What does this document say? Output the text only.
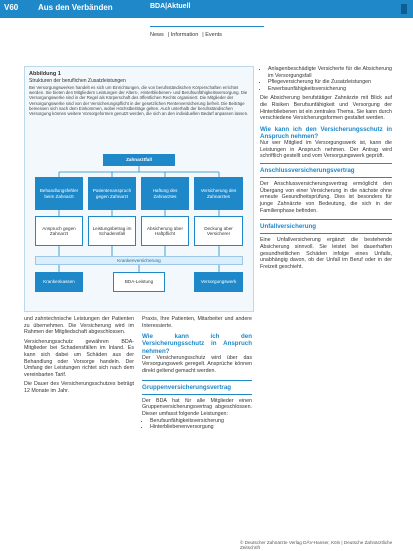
V60 Aus den Verbänden	BDA|Aktuell
News | Information | Events
Abbildung 1
Strukturen der beruflichen Zusatzleistungen
Bei Versorgungswerken handelt es sich um Einrichtungen, die von berufsständischen Körperschaften errichtet werden. Sie bieten den Mitgliedern Leistungen der Alters-, Hinterbliebenen- und Berufsunfähigkeitsversorgung. Die Versorgungswerke sind in der Regel als Körperschaft des öffentlichen Rechts organisiert. Die Mitglieder der Versorgungswerke sind von der Versicherungspflicht in der gesetzlichen Rentenversicherung befreit. Die Beiträge bemessen sich nach dem Einkommen, wobei Höchstbeiträge gelten. Auch unterhalb der berufsständischen Versorgung können weitere Vorsorgeformen genutzt werden, die sich an den individuellen Bedarf anpassen lassen.
Zahnarztfall
Behandlungsfehler beim Zahnarzt
Patientenanspruch gegen Zahnarzt
Haftung des Zahnarztes
Versicherung des Zahnarztes
Anspruch gegen Zahnarzt
Leistungsbetrag im Schadensfall
Absicherung über Haftpflicht
Deckung über Versicherer
Krankenversicherung
Krankenkassen	BDA-Leistung	Versorgungswerk
• Anlagenbeschädigte Versicherte für die Absicherung im Versorgungsfall
• Pflegeversicherung für die Zusatzleistungen
• Erwerbsunfähigkeitsversicherung

Die Absicherung berufstätiger Zahnärzte mit Blick auf die Risiken Berufsunfähigkeit und Versorgung der Hinterbliebenen ist ein zentrales Thema. Sie kann durch verschiedene Versicherungsformen gestaltet werden.

Wie kann ich den Versicherungsschutz in Anspruch nehmen?

Nur wer Mitglied im Versorgungswerk ist, kann die Leistungen in Anspruch nehmen. Der Antrag wird schriftlich gestellt und vom Versorgungswerk geprüft.

Anschlussversicherungsvertrag

Der Anschlussversicherungsvertrag ermöglicht den Übergang von einer Versicherung in die nächste ohne erneute Gesundheitsprüfung. Dies ist besonders für junge Zahnärzte von Bedeutung, die sich in der Familienphase befinden.

Unfallversicherung

Eine Unfallversicherung ergänzt die bestehende Absicherung sinnvoll. Sie leistet bei dauerhaften gesundheitlichen Schäden infolge eines Unfalls, unabhängig davon, ob der Unfall im Beruf oder in der Freizeit geschieht.

und zahntechnische Leistungen der Patienten zu übernehmen. Die Versicherung wird im Rahmen der Mitgliedschaft abgeschlossen.

Versicherungsschutz gewähren BDA-Mitglieder bei Schadensfällen im Inland. Es kann sich dabei um Schäden aus der Behandlung oder Vorsorge handeln. Der Umfang der Leistungen richtet sich nach dem vereinbarten Tarif.

Die Dauer des Versicherungsschutzes beträgt 12 Monate im Jahr.

Praxis, Ihre Patienten, Mitarbeiter und andere Interessierte.

Wie kann ich den Versicherungsschutz in Anspruch nehmen?

Der Versicherungsschutz wird über das Versorgungswerk geregelt. Ansprüche können direkt geltend gemacht werden.

Gruppenversicherungsvertrag

Der BDA hat für alle Mitglieder einen Gruppenversicherungsvertrag abgeschlossen. Dieser umfasst folgende Leistungen:

• Berufsunfähigkeitsversicherung
• Hinterbliebenenversorgung
© Deutscher Zahnärzte Verlag DÄV-Hanser, Köln | Deutsche Zahnärztliche Zeitschrift
